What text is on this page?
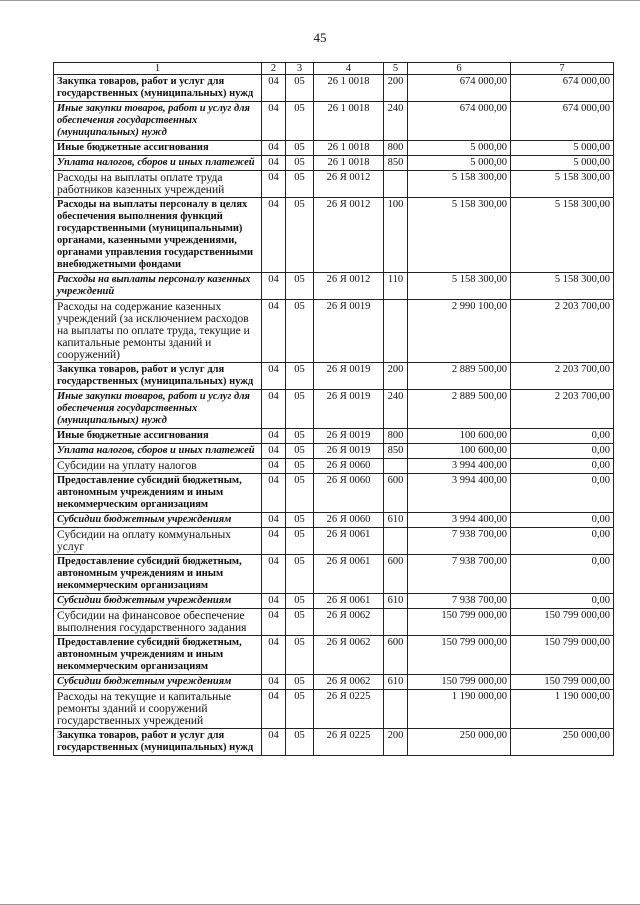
45
1	2	3	4	5	6	7
Закупка товаров, работ и услуг для государственных (муниципальных) нужд	04	05	26 1 0018	200	674 000,00	674 000,00
Иные закупки товаров, работ и услуг для обеспечения государственных (муниципальных) нужд	04	05	26 1 0018	240	674 000,00	674 000,00
Иные бюджетные ассигнования	04	05	26 1 0018	800	5 000,00	5 000,00
Уплата налогов, сборов и иных платежей	04	05	26 1 0018	850	5 000,00	5 000,00
Расходы на выплаты оплате труда работников казенных учреждений	04	05	26 Я 0012		5 158 300,00	5 158 300,00
Расходы на выплаты персоналу в целях обеспечения выполнения функций государственными (муниципальными) органами, казенными учреждениями, органами управления государственными внебюджетными фондами	04	05	26 Я 0012	100	5 158 300,00	5 158 300,00
Расходы на выплаты персоналу казенных учреждений	04	05	26 Я 0012	110	5 158 300,00	5 158 300,00
Расходы на содержание казенных учреждений (за исключением расходов на выплаты по оплате труда, текущие и капитальные ремонты зданий и сооружений)	04	05	26 Я 0019		2 990 100,00	2 203 700,00
Закупка товаров, работ и услуг для государственных (муниципальных) нужд	04	05	26 Я 0019	200	2 889 500,00	2 203 700,00
Иные закупки товаров, работ и услуг для обеспечения государственных (муниципальных) нужд	04	05	26 Я 0019	240	2 889 500,00	2 203 700,00
Иные бюджетные ассигнования	04	05	26 Я 0019	800	100 600,00	0,00
Уплата налогов, сборов и иных платежей	04	05	26 Я 0019	850	100 600,00	0,00
Субсидии на уплату налогов	04	05	26 Я 0060		3 994 400,00	0,00
Предоставление субсидий бюджетным, автономным учреждениям и иным некоммерческим организациям	04	05	26 Я 0060	600	3 994 400,00	0,00
Субсидии бюджетным учреждениям	04	05	26 Я 0060	610	3 994 400,00	0,00
Субсидии на оплату коммунальных услуг	04	05	26 Я 0061		7 938 700,00	0,00
Предоставление субсидий бюджетным, автономным учреждениям и иным некоммерческим организациям	04	05	26 Я 0061	600	7 938 700,00	0,00
Субсидии бюджетным учреждениям	04	05	26 Я 0061	610	7 938 700,00	0,00
Субсидии на финансовое обеспечение выполнения государственного задания	04	05	26 Я 0062		150 799 000,00	150 799 000,00
Предоставление субсидий бюджетным, автономным учреждениям и иным некоммерческим организациям	04	05	26 Я 0062	600	150 799 000,00	150 799 000,00
Субсидии бюджетным учреждениям	04	05	26 Я 0062	610	150 799 000,00	150 799 000,00
Расходы на текущие и капитальные ремонты зданий и сооружений государственных учреждений	04	05	26 Я 0225		1 190 000,00	1 190 000,00
Закупка товаров, работ и услуг для государственных (муниципальных) нужд	04	05	26 Я 0225	200	250 000,00	250 000,00
